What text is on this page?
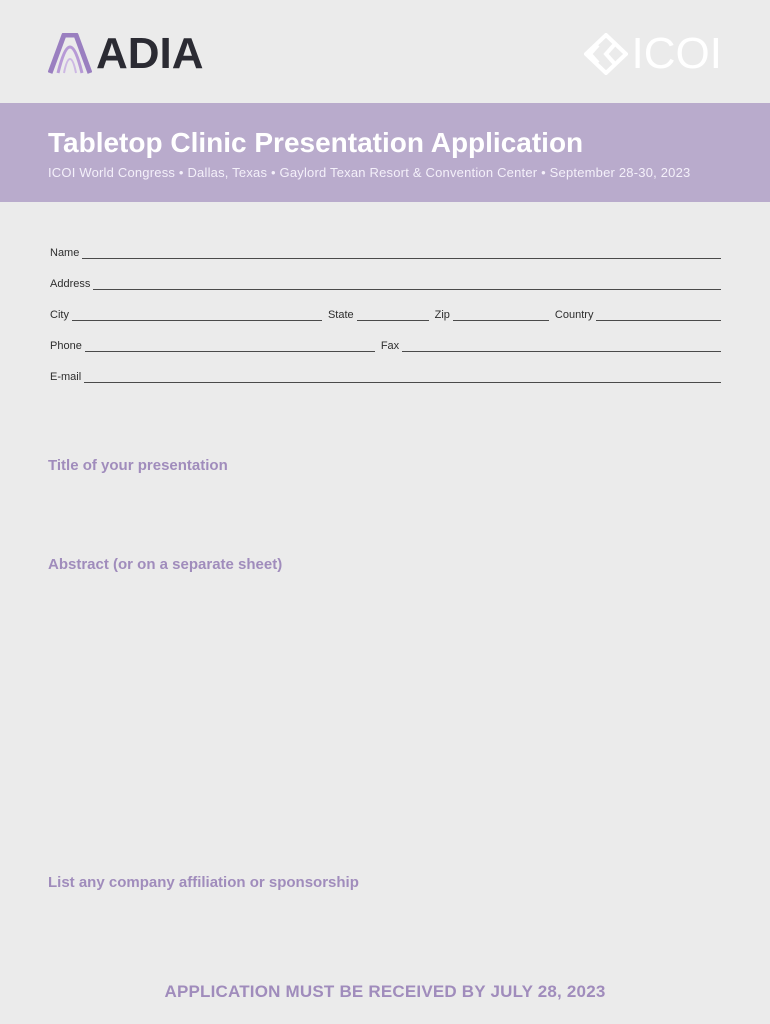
ADIA	ICOI
Tabletop Clinic Presentation Application
ICOI World Congress • Dallas, Texas • Gaylord Texan Resort & Convention Center • September 28-30, 2023
Name
Address
City	State	Zip	Country
Phone	Fax
E-mail
Title of your presentation
Abstract (or on a separate sheet)
List any company affiliation or sponsorship
APPLICATION MUST BE RECEIVED BY JULY 28, 2023
